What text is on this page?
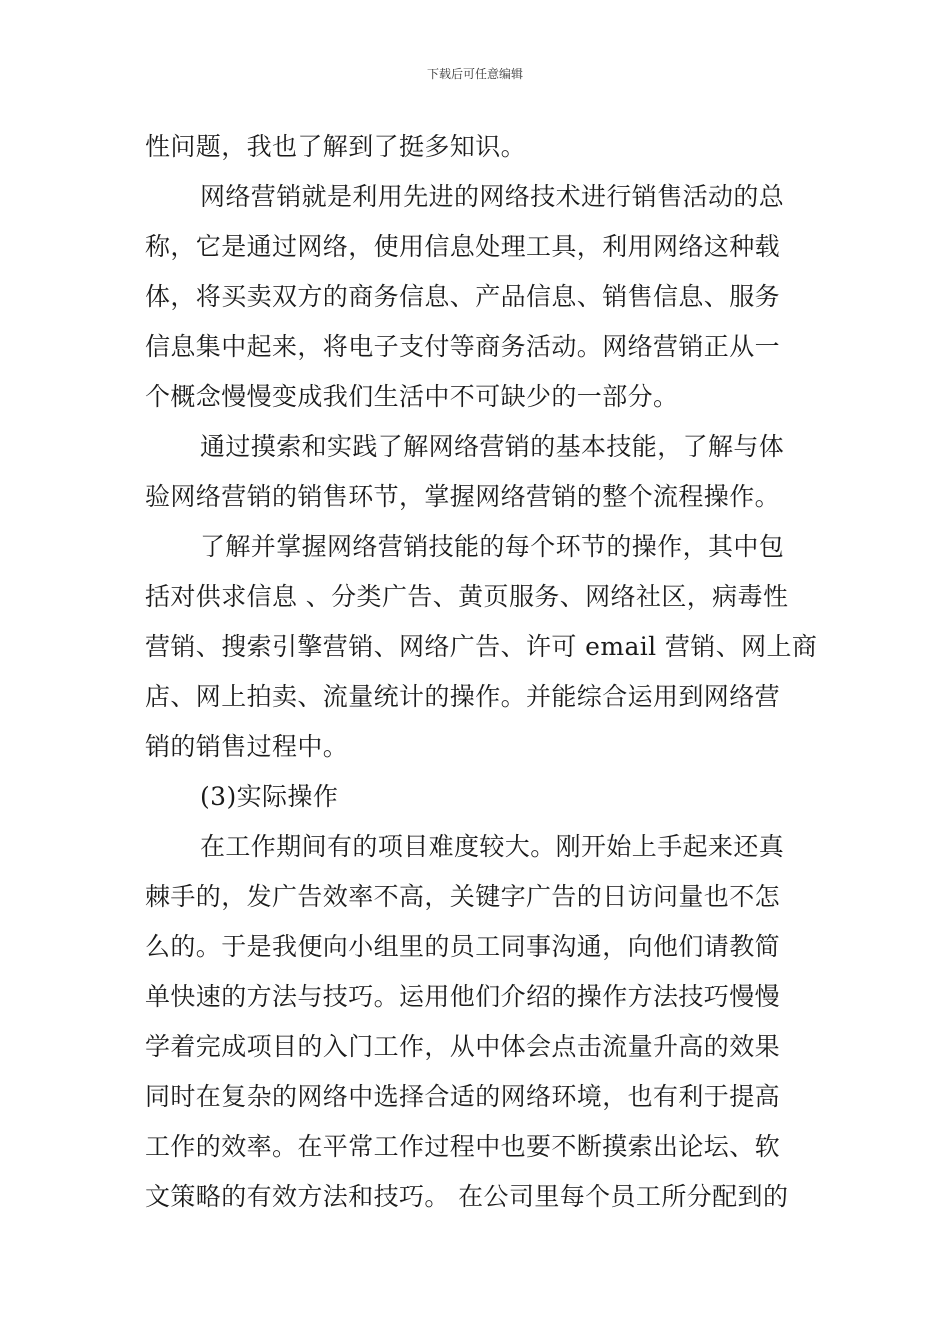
下载后可任意编辑
性问题，我也了解到了挺多知识。
网络营销就是利用先进的网络技术进行销售活动的总
称，它是通过网络，使用信息处理工具，利用网络这种载
体，将买卖双方的商务信息、产品信息、销售信息、服务
信息集中起来，将电子支付等商务活动。网络营销正从一
个概念慢慢变成我们生活中不可缺少的一部分。
通过摸索和实践了解网络营销的基本技能，了解与体
验网络营销的销售环节，掌握网络营销的整个流程操作。
了解并掌握网络营销技能的每个环节的操作，其中包
括对供求信息 、分类广告、黄页服务、网络社区，病毒性
营销、搜索引擎营销、网络广告、许可 email 营销、网上商
店、网上拍卖、流量统计的操作。并能综合运用到网络营
销的销售过程中。
(3)实际操作
在工作期间有的项目难度较大。刚开始上手起来还真
棘手的，发广告效率不高，关键字广告的日访问量也不怎
么的。于是我便向小组里的员工同事沟通，向他们请教简
单快速的方法与技巧。运用他们介绍的操作方法技巧慢慢
学着完成项目的入门工作，从中体会点击流量升高的效果
同时在复杂的网络中选择合适的网络环境，也有利于提高
工作的效率。在平常工作过程中也要不断摸索出论坛、软
文策略的有效方法和技巧。 在公司里每个员工所分配到的
